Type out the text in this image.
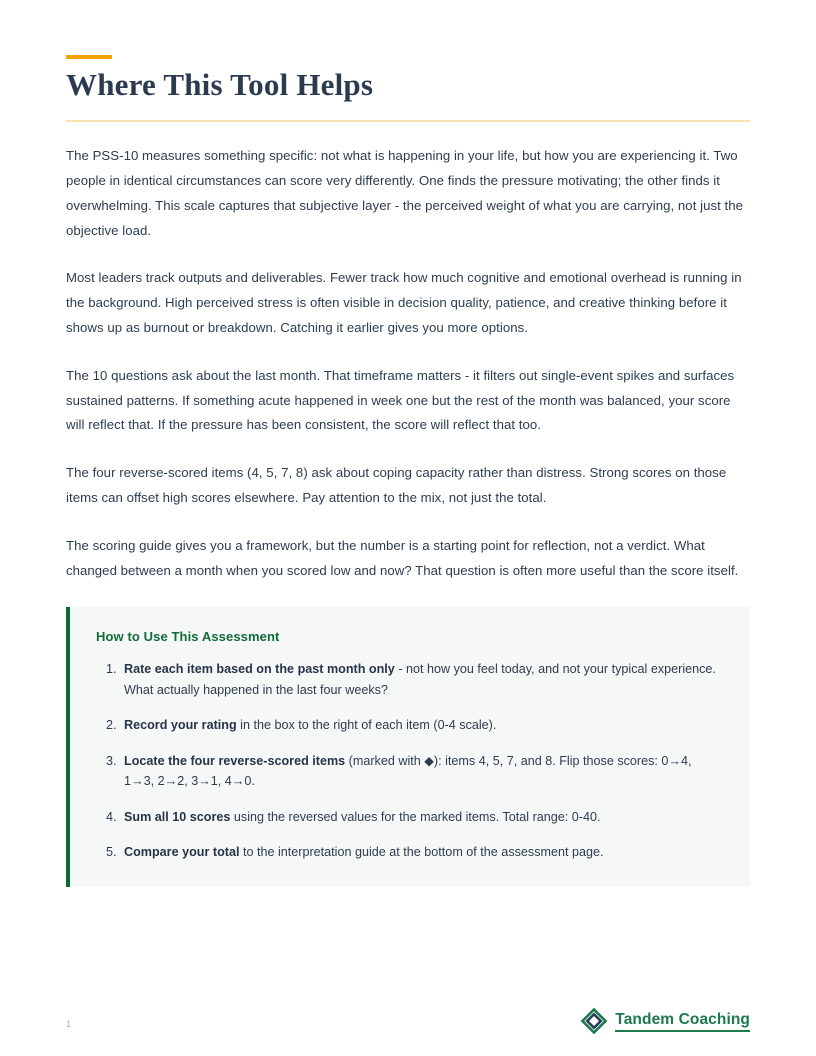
Where This Tool Helps

The PSS-10 measures something specific: not what is happening in your life, but how you are experiencing it. Two people in identical circumstances can score very differently. One finds the pressure motivating; the other finds it overwhelming. This scale captures that subjective layer - the perceived weight of what you are carrying, not just the objective load.

Most leaders track outputs and deliverables. Fewer track how much cognitive and emotional overhead is running in the background. High perceived stress is often visible in decision quality, patience, and creative thinking before it shows up as burnout or breakdown. Catching it earlier gives you more options.

The 10 questions ask about the last month. That timeframe matters - it filters out single-event spikes and surfaces sustained patterns. If something acute happened in week one but the rest of the month was balanced, your score will reflect that. If the pressure has been consistent, the score will reflect that too.

The four reverse-scored items (4, 5, 7, 8) ask about coping capacity rather than distress. Strong scores on those items can offset high scores elsewhere. Pay attention to the mix, not just the total.

The scoring guide gives you a framework, but the number is a starting point for reflection, not a verdict. What changed between a month when you scored low and now? That question is often more useful than the score itself.

How to Use This Assessment

1. Rate each item based on the past month only - not how you feel today, and not your typical experience. What actually happened in the last four weeks?
2. Record your rating in the box to the right of each item (0-4 scale).
3. Locate the four reverse-scored items (marked with ◆): items 4, 5, 7, and 8. Flip those scores: 0→4, 1→3, 2→2, 3→1, 4→0.
4. Sum all 10 scores using the reversed values for the marked items. Total range: 0-40.
5. Compare your total to the interpretation guide at the bottom of the assessment page.
1	Tandem Coaching
